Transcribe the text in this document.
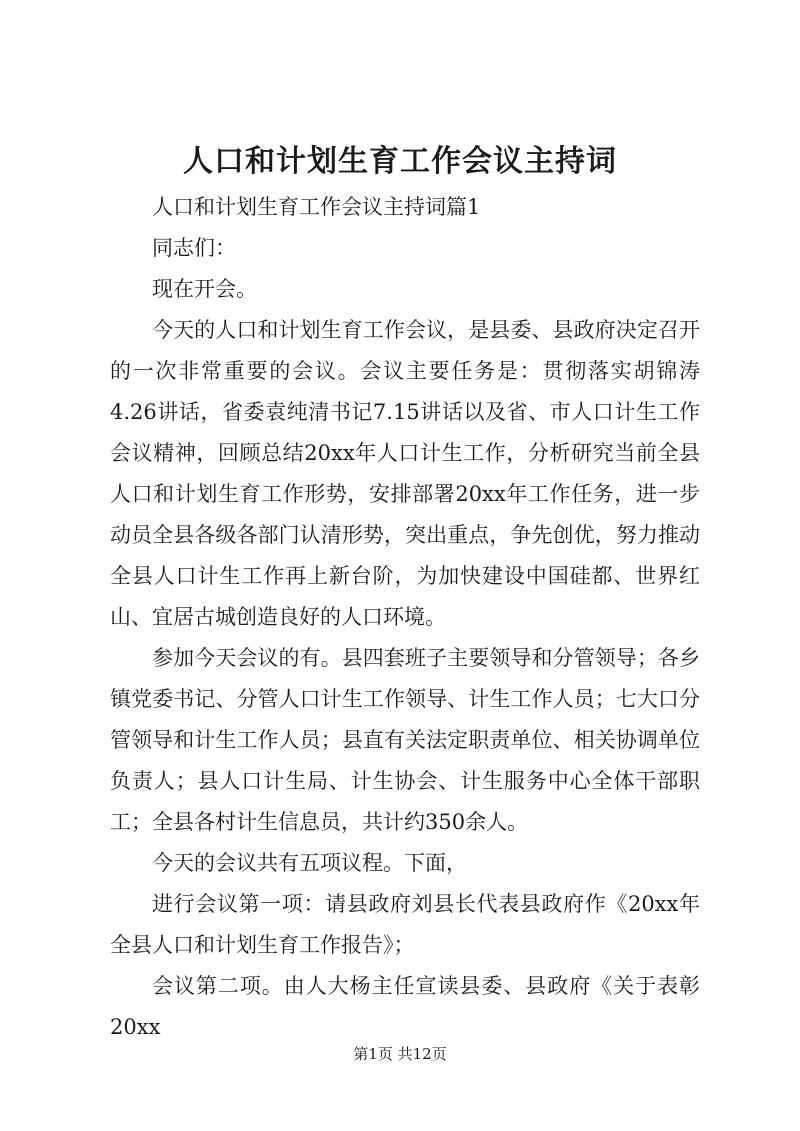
人口和计划生育工作会议主持词

人口和计划生育工作会议主持词篇1

同志们：

现在开会。

今天的人口和计划生育工作会议，是县委、县政府决定召开的一次非常重要的会议。会议主要任务是：贯彻落实胡锦涛4.26讲话，省委袁纯清书记7.15讲话以及省、市人口计生工作会议精神，回顾总结20xx年人口计生工作，分析研究当前全县人口和计划生育工作形势，安排部署20xx年工作任务，进一步动员全县各级各部门认清形势，突出重点，争先创优，努力推动全县人口计生工作再上新台阶，为加快建设中国硅都、世界红山、宜居古城创造良好的人口环境。

参加今天会议的有。县四套班子主要领导和分管领导；各乡镇党委书记、分管人口计生工作领导、计生工作人员；七大口分管领导和计生工作人员；县直有关法定职责单位、相关协调单位负责人；县人口计生局、计生协会、计生服务中心全体干部职工；全县各村计生信息员，共计约350余人。

今天的会议共有五项议程。下面，

进行会议第一项：请县政府刘县长代表县政府作《20xx年全县人口和计划生育工作报告》；

会议第二项。由人大杨主任宣读县委、县政府《关于表彰20xx

第1页 共12页
